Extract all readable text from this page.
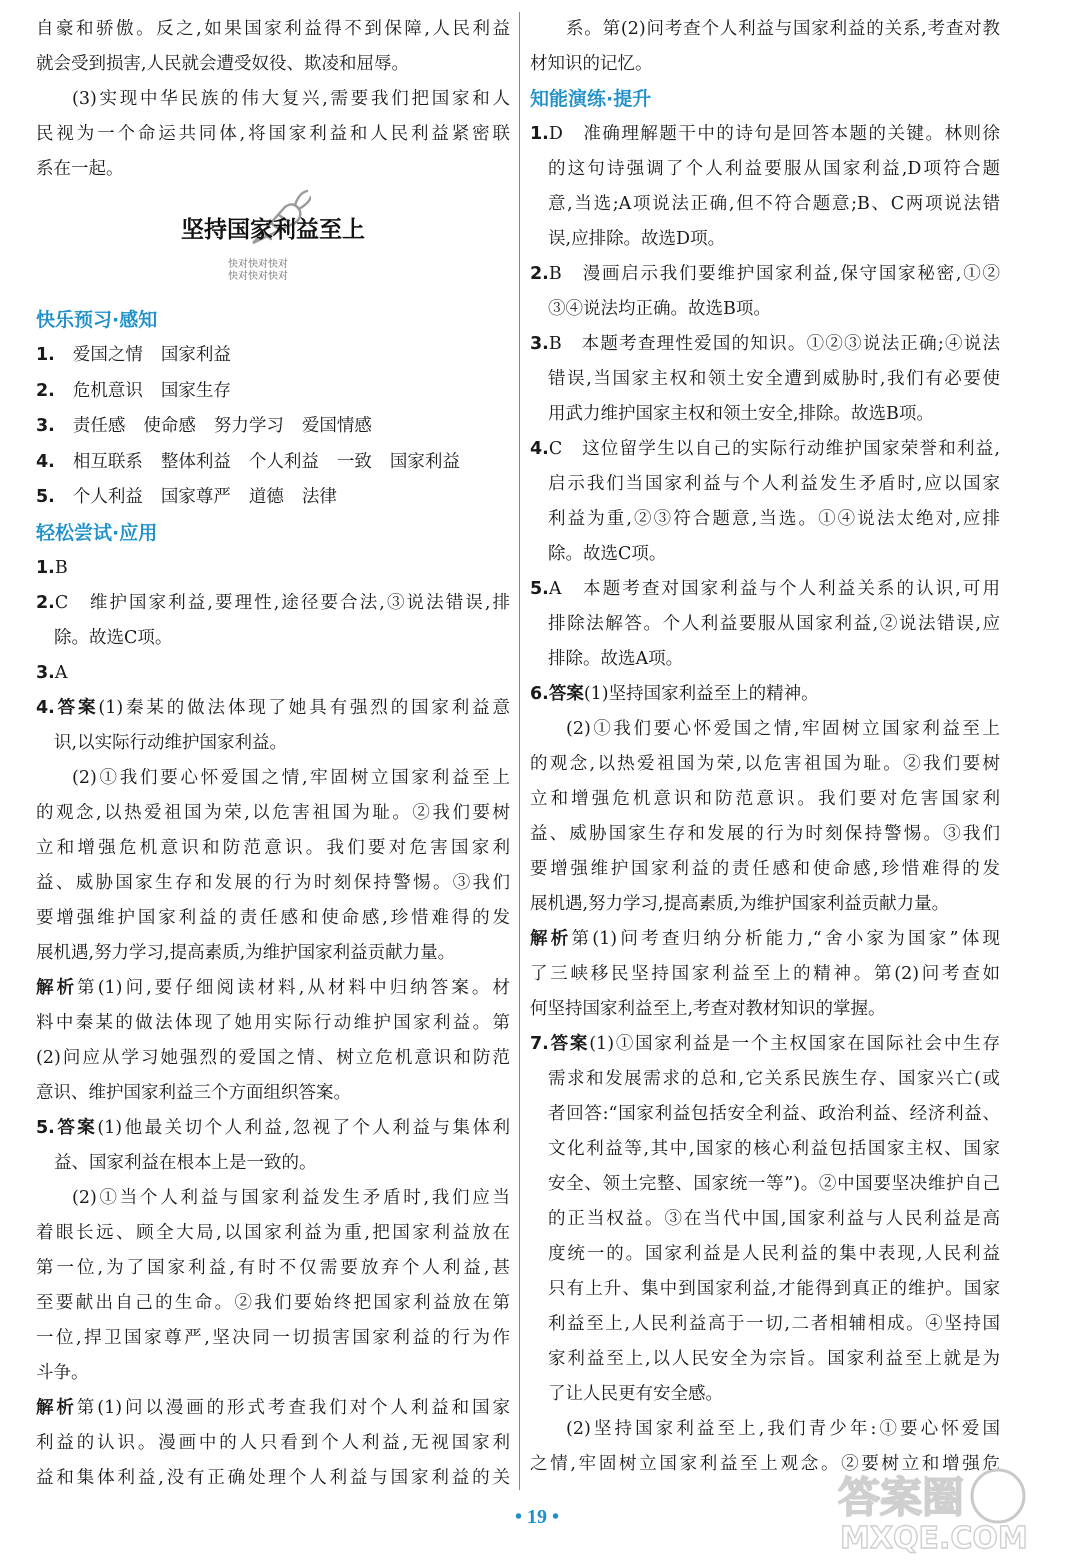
自豪和骄傲。反之,如果国家利益得不到保障,人民利益
就会受到损害,人民就会遭受奴役、欺凌和屈辱。
(3)实现中华民族的伟大复兴,需要我们把国家和人
民视为一个命运共同体,将国家利益和人民利益紧密联
系在一起。
坚持国家利益至上
快对快对快对
快对快对快对
快乐预习·感知
1. 爱国之情 国家利益
2. 危机意识 国家生存
3. 责任感 使命感 努力学习 爱国情感
4. 相互联系 整体利益 个人利益 一致 国家利益
5. 个人利益 国家尊严 道德 法律
轻松尝试·应用
1.B
2.C　维护国家利益,要理性,途径要合法,③说法错误,排
除。故选C项。
3.A
4.答案(1)秦某的做法体现了她具有强烈的国家利益意
识,以实际行动维护国家利益。
(2)①我们要心怀爱国之情,牢固树立国家利益至上
的观念,以热爱祖国为荣,以危害祖国为耻。②我们要树
立和增强危机意识和防范意识。我们要对危害国家利
益、威胁国家生存和发展的行为时刻保持警惕。③我们
要增强维护国家利益的责任感和使命感,珍惜难得的发
展机遇,努力学习,提高素质,为维护国家利益贡献力量。
解析第(1)问,要仔细阅读材料,从材料中归纳答案。材
料中秦某的做法体现了她用实际行动维护国家利益。第
(2)问应从学习她强烈的爱国之情、树立危机意识和防范
意识、维护国家利益三个方面组织答案。
5.答案(1)他最关切个人利益,忽视了个人利益与集体利
益、国家利益在根本上是一致的。
(2)①当个人利益与国家利益发生矛盾时,我们应当
着眼长远、顾全大局,以国家利益为重,把国家利益放在
第一位,为了国家利益,有时不仅需要放弃个人利益,甚
至要献出自己的生命。②我们要始终把国家利益放在第
一位,捍卫国家尊严,坚决同一切损害国家利益的行为作
斗争。
解析第(1)问以漫画的形式考查我们对个人利益和国家
利益的认识。漫画中的人只看到个人利益,无视国家利
益和集体利益,没有正确处理个人利益与国家利益的关
系。第(2)问考查个人利益与国家利益的关系,考查对教
材知识的记忆。
知能演练·提升
1.D　准确理解题干中的诗句是回答本题的关键。林则徐
的这句诗强调了个人利益要服从国家利益,D项符合题
意,当选;A项说法正确,但不符合题意;B、C两项说法错
误,应排除。故选D项。
2.B　漫画启示我们要维护国家利益,保守国家秘密,①②
③④说法均正确。故选B项。
3.B　本题考查理性爱国的知识。①②③说法正确;④说法
错误,当国家主权和领土安全遭到威胁时,我们有必要使
用武力维护国家主权和领土安全,排除。故选B项。
4.C　这位留学生以自己的实际行动维护国家荣誉和利益,
启示我们当国家利益与个人利益发生矛盾时,应以国家
利益为重,②③符合题意,当选。①④说法太绝对,应排
除。故选C项。
5.A　本题考查对国家利益与个人利益关系的认识,可用
排除法解答。个人利益要服从国家利益,②说法错误,应
排除。故选A项。
6.答案(1)坚持国家利益至上的精神。
(2)①我们要心怀爱国之情,牢固树立国家利益至上
的观念,以热爱祖国为荣,以危害祖国为耻。②我们要树
立和增强危机意识和防范意识。我们要对危害国家利
益、威胁国家生存和发展的行为时刻保持警惕。③我们
要增强维护国家利益的责任感和使命感,珍惜难得的发
展机遇,努力学习,提高素质,为维护国家利益贡献力量。
解析第(1)问考查归纳分析能力,“舍小家为国家”体现
了三峡移民坚持国家利益至上的精神。第(2)问考查如
何坚持国家利益至上,考查对教材知识的掌握。
7.答案(1)①国家利益是一个主权国家在国际社会中生存
需求和发展需求的总和,它关系民族生存、国家兴亡(或
者回答:“国家利益包括安全利益、政治利益、经济利益、
文化利益等,其中,国家的核心利益包括国家主权、国家
安全、领土完整、国家统一等”)。②中国要坚决维护自己
的正当权益。③在当代中国,国家利益与人民利益是高
度统一的。国家利益是人民利益的集中表现,人民利益
只有上升、集中到国家利益,才能得到真正的维护。国家
利益至上,人民利益高于一切,二者相辅相成。④坚持国
家利益至上,以人民安全为宗旨。国家利益至上就是为
了让人民更有安全感。
(2)坚持国家利益至上,我们青少年:①要心怀爱国
之情,牢固树立国家利益至上观念。②要树立和增强危
• 19 •	答案圈
MXQE.COM
